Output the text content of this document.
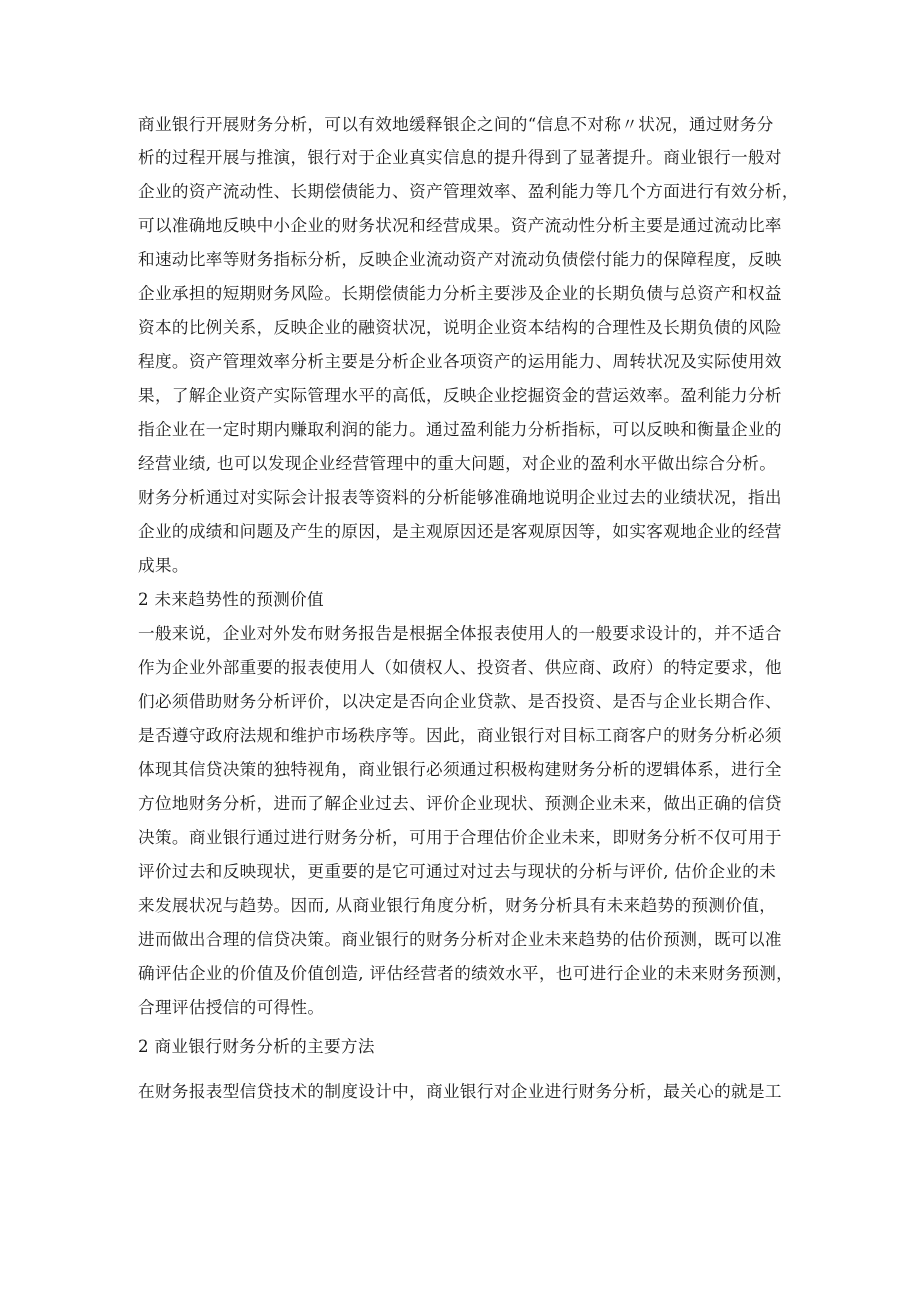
商业银行开展财务分析，可以有效地缓释银企之间的“信息不对称〃状况，通过财务分
析的过程开展与推演，银行对于企业真实信息的提升得到了显著提升。商业银行一般对
企业的资产流动性、长期偿债能力、资产管理效率、盈利能力等几个方面进行有效分析，
可以准确地反映中小企业的财务状况和经营成果。资产流动性分析主要是通过流动比率
和速动比率等财务指标分析，反映企业流动资产对流动负债偿付能力的保障程度，反映
企业承担的短期财务风险。长期偿债能力分析主要涉及企业的长期负债与总资产和权益
资本的比例关系，反映企业的融资状况，说明企业资本结构的合理性及长期负债的风险
程度。资产管理效率分析主要是分析企业各项资产的运用能力、周转状况及实际使用效
果，了解企业资产实际管理水平的高低，反映企业挖掘资金的营运效率。盈利能力分析
指企业在一定时期内赚取利润的能力。通过盈利能力分析指标，可以反映和衡量企业的
经营业绩, 也可以发现企业经营管理中的重大问题，对企业的盈利水平做出综合分析。
财务分析通过对实际会计报表等资料的分析能够准确地说明企业过去的业绩状况，指出
企业的成绩和问题及产生的原因，是主观原因还是客观原因等，如实客观地企业的经营
成果。
2 未来趋势性的预测价值
一般来说，企业对外发布财务报告是根据全体报表使用人的一般要求设计的，并不适合
作为企业外部重要的报表使用人（如债权人、投资者、供应商、政府）的特定要求，他
们必须借助财务分析评价，以决定是否向企业贷款、是否投资、是否与企业长期合作、
是否遵守政府法规和维护市场秩序等。因此，商业银行对目标工商客户的财务分析必须
体现其信贷决策的独特视角，商业银行必须通过积极构建财务分析的逻辑体系，进行全
方位地财务分析，进而了解企业过去、评价企业现状、预测企业未来，做出正确的信贷
决策。商业银行通过进行财务分析，可用于合理估价企业未来，即财务分析不仅可用于
评价过去和反映现状，更重要的是它可通过对过去与现状的分析与评价, 估价企业的未
来发展状况与趋势。因而, 从商业银行角度分析，财务分析具有未来趋势的预测价值，
进而做出合理的信贷决策。商业银行的财务分析对企业未来趋势的估价预测，既可以准
确评估企业的价值及价值创造, 评估经营者的绩效水平，也可进行企业的未来财务预测，
合理评估授信的可得性。
2 商业银行财务分析的主要方法
在财务报表型信贷技术的制度设计中，商业银行对企业进行财务分析，最关心的就是工
